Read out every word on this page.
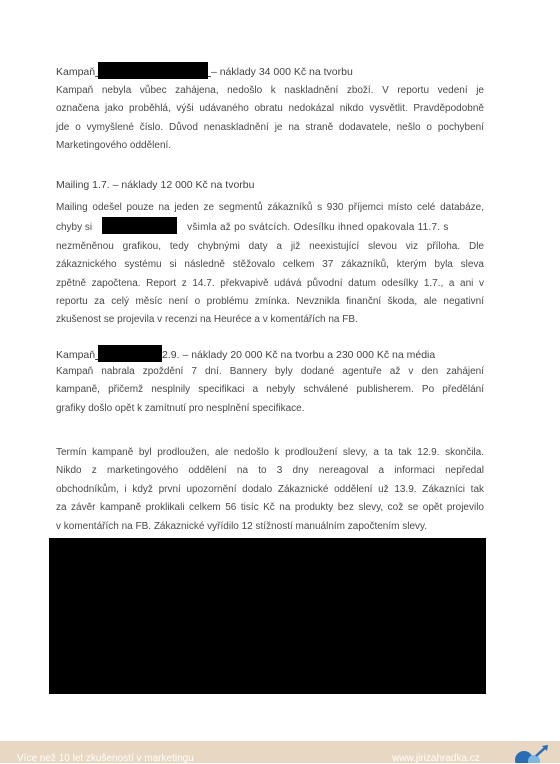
Kampaň	– náklady 34 000 Kč na tvorbu
Kampaň nebyla vůbec zahájena, nedošlo k naskladnění zboží. V reportu vedení je
označena jako proběhlá, výši udávaného obratu nedokázal nikdo vysvětlit. Pravděpodobně
jde o vymyšlené číslo. Důvod nenaskladnění je na straně dodavatele, nešlo o pochybení
Marketingového oddělení.
Mailing 1.7. – náklady 12 000 Kč na tvorbu
Mailing odešel pouze na jeden ze segmentů zákazníků s 930 příjemci místo celé databáze,
chyby si	všimla až po svátcích. Odesílku ihned opakovala 11.7. s
nezměněnou grafikou, tedy chybnými daty a již neexistující slevou viz příloha. Dle
zákaznického systému si následně stěžovalo celkem 37 zákazníků, kterým byla sleva
zpětně započtena. Report z 14.7. překvapivě udává původní datum odesílky 1.7., a ani v
reportu za celý měsíc není o problému zmínka. Nevznikla finanční škoda, ale negativní
zkušenost se projevila v recenzi na Heuréce a v komentářích na FB.
Kampaň	2.9. – náklady 20 000 Kč na tvorbu a 230 000 Kč na média
Kampaň nabrala zpoždění 7 dní. Bannery byly dodané agentuře až v den zahájení
kampaně, přičemž nesplnily specifikaci a nebyly schválené publisherem. Po předělání
grafiky došlo opět k zamítnutí pro nesplnění specifikace.
Termín kampaně byl prodloužen, ale nedošlo k prodloužení slevy, a ta tak 12.9. skončila.
Nikdo z marketingového oddělení na to 3 dny nereagoval a informaci nepředal
obchodníkům, i když první upozornění dodalo Zákaznické oddělení už 13.9. Zákazníci tak
za závěr kampaně proklikali celkem 56 tisíc Kč na produkty bez slevy, což se opět projevilo
v komentářích na FB. Zákaznické vyřídilo 12 stížností manuálním započtením slevy.
Více než 10 let zkušeností v marketingu	www.jirizahradka.cz
